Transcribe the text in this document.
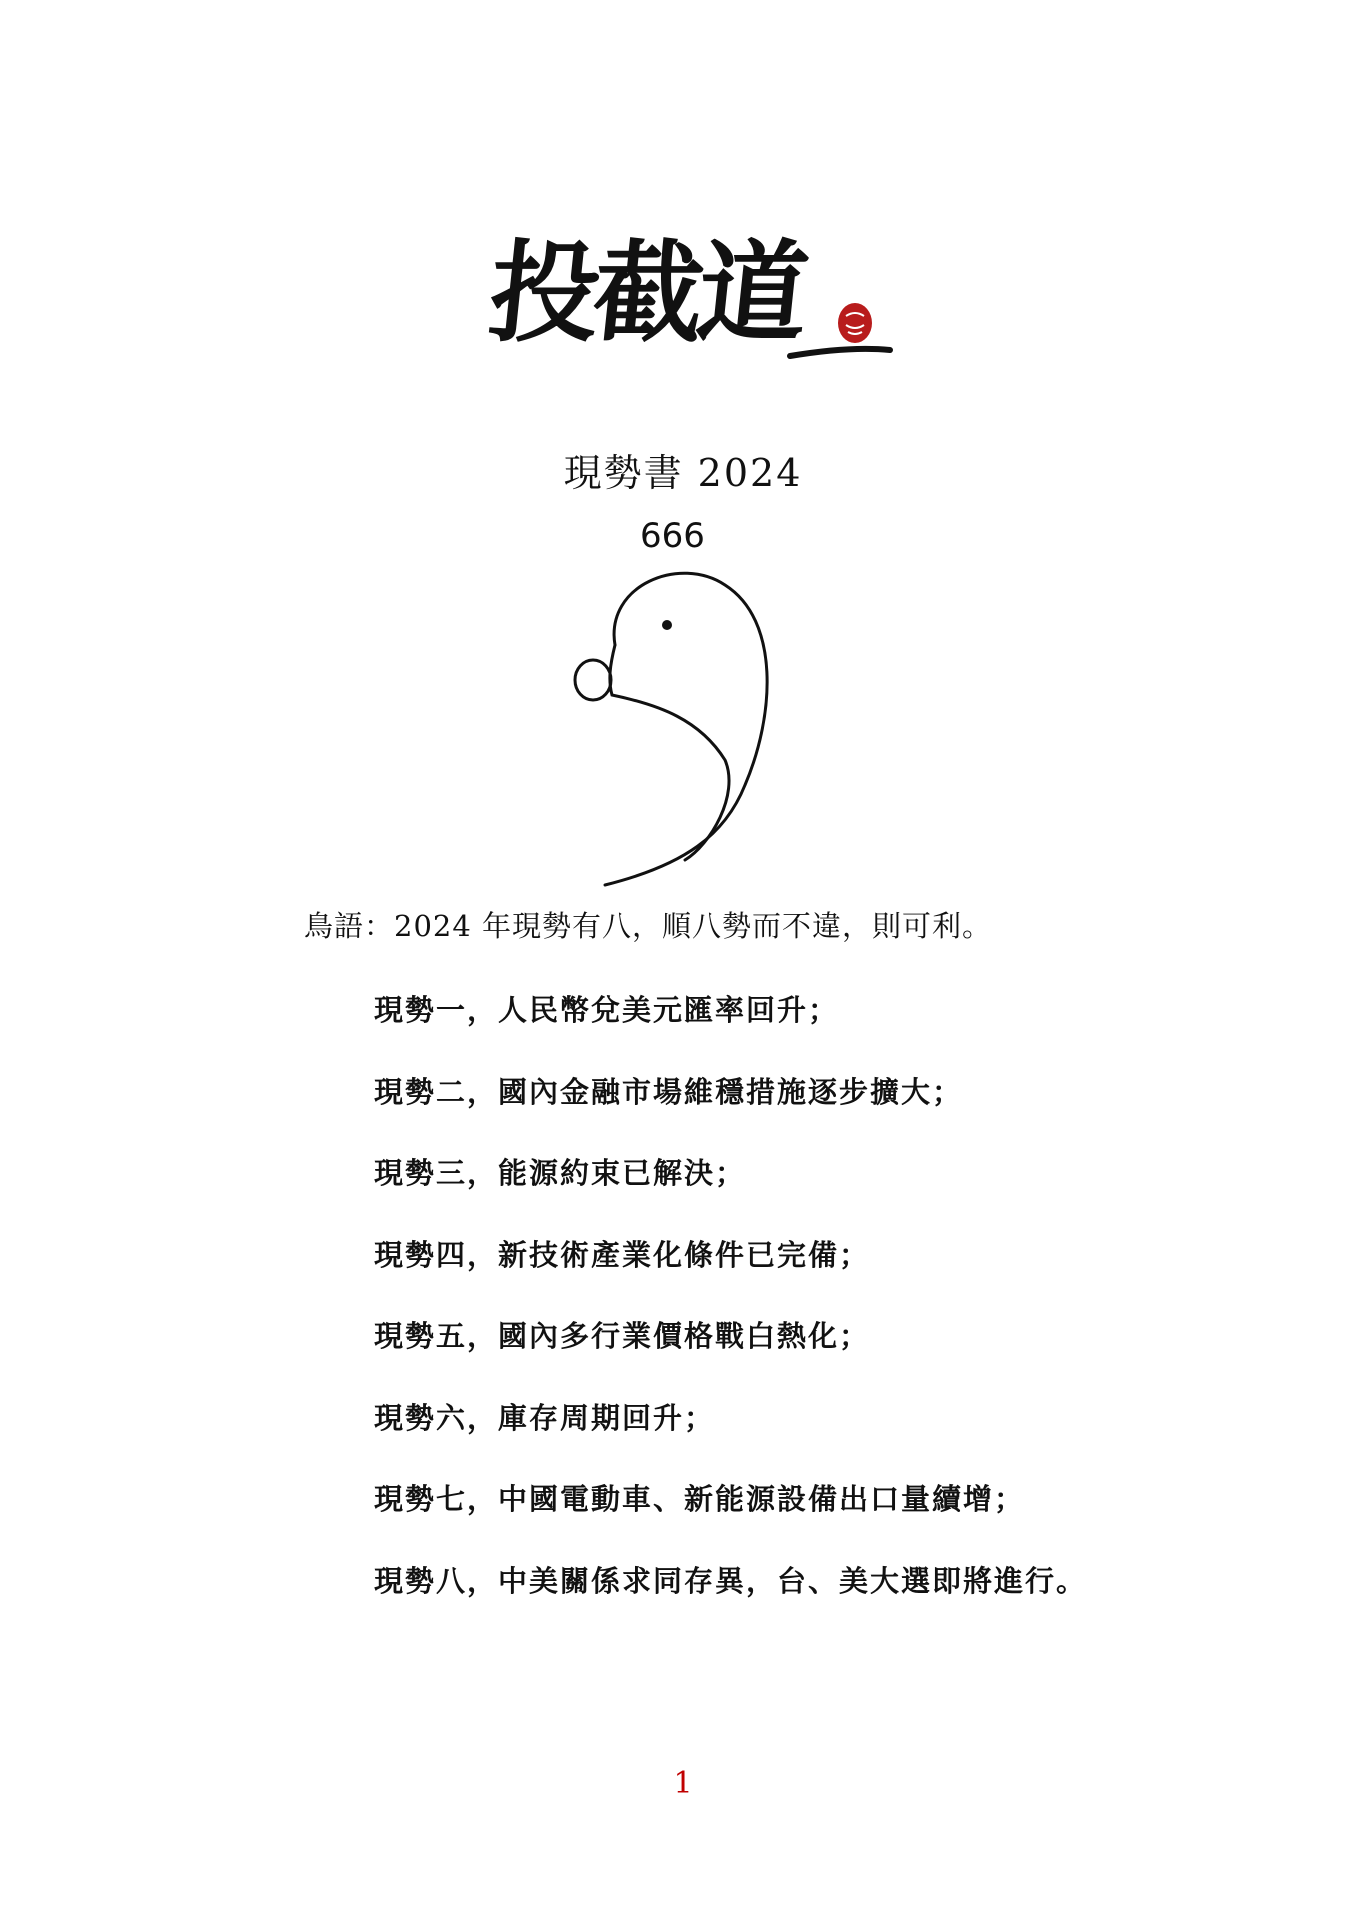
投截道
現勢書 2024
666
鳥語：2024 年現勢有八，順八勢而不違，則可利。
現勢一，人民幣兌美元匯率回升；
現勢二，國內金融市場維穩措施逐步擴大；
現勢三，能源約束已解決；
現勢四，新技術產業化條件已完備；
現勢五，國內多行業價格戰白熱化；
現勢六，庫存周期回升；
現勢七，中國電動車、新能源設備出口量續增；
現勢八，中美關係求同存異，台、美大選即將進行。
1
